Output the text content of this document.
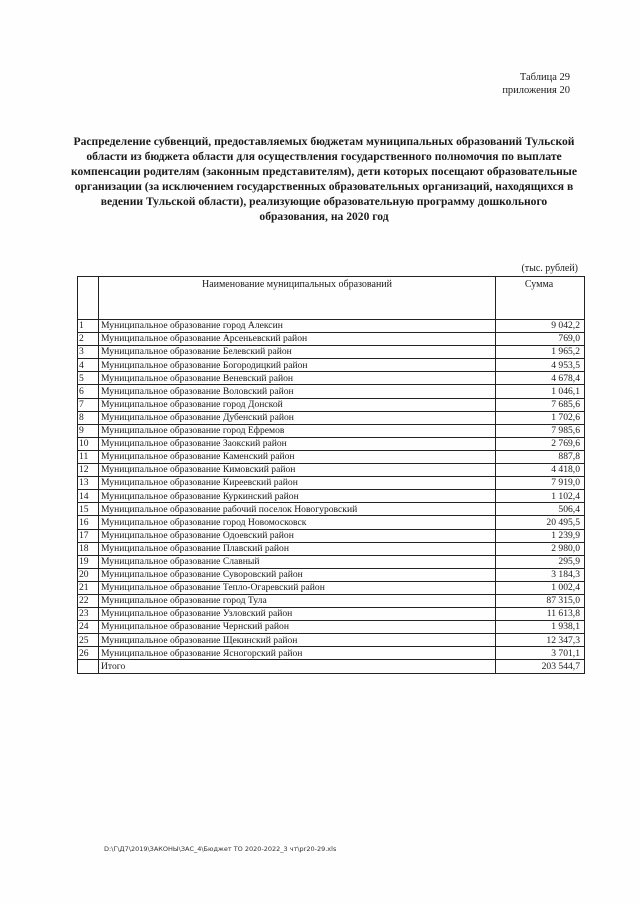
Таблица 29
приложения 20
Распределение субвенций, предоставляемых бюджетам муниципальных образований Тульской области из бюджета области для осуществления государственного полномочия по выплате компенсации родителям (законным представителям), дети которых посещают образовательные организации (за исключением государственных образовательных организаций, находящихся в ведении Тульской области), реализующие образовательную программу дошкольного образования, на 2020 год
(тыс. рублей)
	Наименование муниципальных образований	Сумма
1	Муниципальное образование город Алексин	9 042,2
2	Муниципальное образование Арсеньевский район	769,0
3	Муниципальное образование Белевский район	1 965,2
4	Муниципальное образование Богородицкий район	4 953,5
5	Муниципальное образование Веневский район	4 678,4
6	Муниципальное образование Воловский район	1 046,1
7	Муниципальное образование город Донской	7 685,6
8	Муниципальное образование Дубенский район	1 702,6
9	Муниципальное образование город Ефремов	7 985,6
10	Муниципальное образование Заокский район	2 769,6
11	Муниципальное образование Каменский район	887,8
12	Муниципальное образование Кимовский район	4 418,0
13	Муниципальное образование Киреевский район	7 919,0
14	Муниципальное образование Куркинский район	1 102,4
15	Муниципальное образование рабочий поселок Новогуровский	506,4
16	Муниципальное образование город Новомосковск	20 495,5
17	Муниципальное образование Одоевский район	1 239,9
18	Муниципальное образование Плавский район	2 980,0
19	Муниципальное образование Славный	295,9
20	Муниципальное образование Суворовский район	3 184,3
21	Муниципальное образование Тепло-Огаревский район	1 002,4
22	Муниципальное образование город Тула	87 315,0
23	Муниципальное образование Узловский район	11 613,8
24	Муниципальное образование Чернский район	1 938,1
25	Муниципальное образование Щекинский район	12 347,3
26	Муниципальное образование Ясногорский район	3 701,1
	Итого	203 544,7
D:\Г\Д7\2019\ЗАКОНЫ\ЗАС_4\Бюджет ТО 2020-2022_3 чт\pr20-29.xls
